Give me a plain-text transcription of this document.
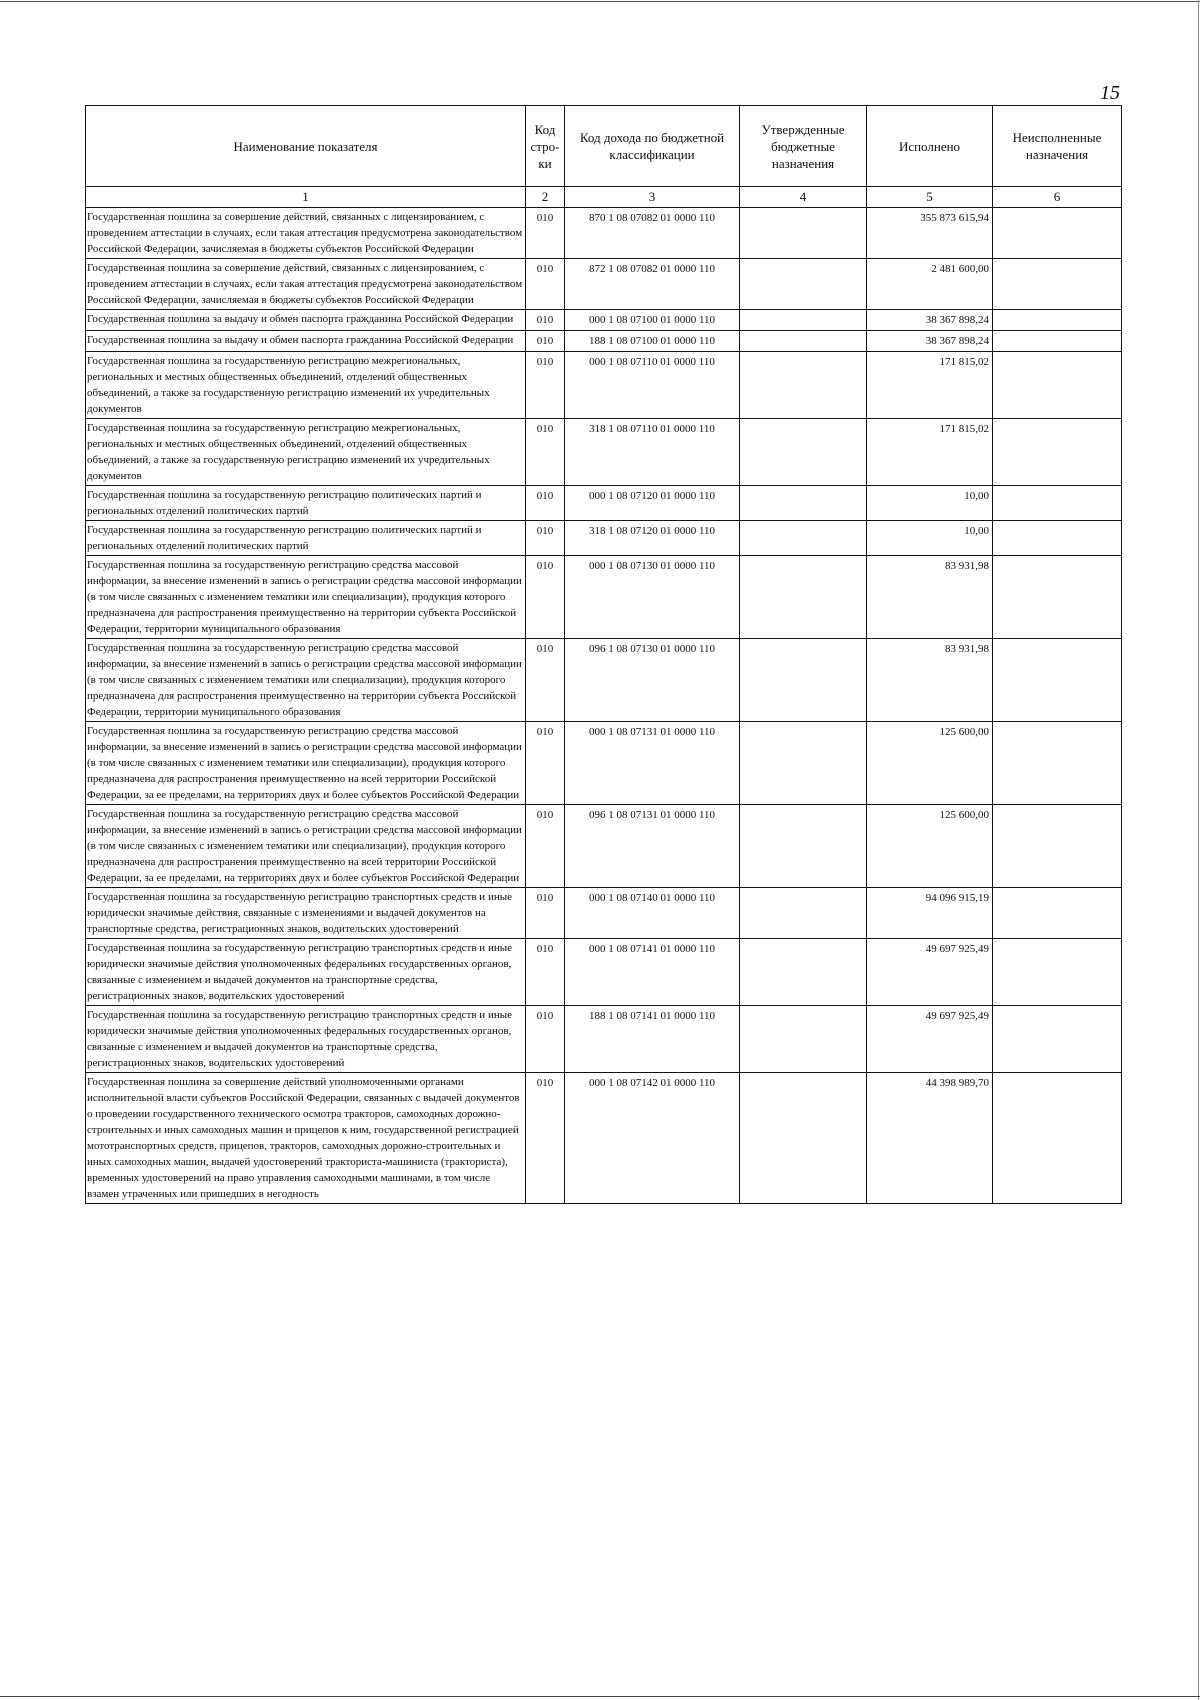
15
Наименование показателя	Код стро-ки	Код дохода по бюджетной классификации	Утвержденные бюджетные назначения	Исполнено	Неисполненные назначения
1	2	3	4	5	6
Государственная пошлина за совершение действий, связанных с лицензированием, с проведением аттестации в случаях, если такая аттестация предусмотрена законодательством Российской Федерации, зачисляемая в бюджеты субъектов Российской Федерации	010	870 1 08 07082 01 0000 110		355 873 615,94	
Государственная пошлина за совершение действий, связанных с лицензированием, с проведением аттестации в случаях, если такая аттестация предусмотрена законодательством Российской Федерации, зачисляемая в бюджеты субъектов Российской Федерации	010	872 1 08 07082 01 0000 110		2 481 600,00	
Государственная пошлина за выдачу и обмен паспорта гражданина Российской Федерации	010	000 1 08 07100 01 0000 110		38 367 898,24	
Государственная пошлина за выдачу и обмен паспорта гражданина Российской Федерации	010	188 1 08 07100 01 0000 110		38 367 898,24	
Государственная пошлина за государственную регистрацию межрегиональных, региональных и местных общественных объединений, отделений общественных объединений, а также за государственную регистрацию изменений их учредительных документов	010	000 1 08 07110 01 0000 110		171 815,02	
Государственная пошлина за государственную регистрацию межрегиональных, региональных и местных общественных объединений, отделений общественных объединений, а также за государственную регистрацию изменений их учредительных документов	010	318 1 08 07110 01 0000 110		171 815,02	
Государственная пошлина за государственную регистрацию политических партий и региональных отделений политических партий	010	000 1 08 07120 01 0000 110		10,00	
Государственная пошлина за государственную регистрацию политических партий и региональных отделений политических партий	010	318 1 08 07120 01 0000 110		10,00	
Государственная пошлина за государственную регистрацию средства массовой информации, за внесение изменений в запись о регистрации средства массовой информации (в том числе связанных с изменением тематики или специализации), продукция которого предназначена для распространения преимущественно на территории субъекта Российской Федерации, территории муниципального образования	010	000 1 08 07130 01 0000 110		83 931,98	
Государственная пошлина за государственную регистрацию средства массовой информации, за внесение изменений в запись о регистрации средства массовой информации (в том числе связанных с изменением тематики или специализации), продукция которого предназначена для распространения преимущественно на территории субъекта Российской Федерации, территории муниципального образования	010	096 1 08 07130 01 0000 110		83 931,98	
Государственная пошлина за государственную регистрацию средства массовой информации, за внесение изменений в запись о регистрации средства массовой информации (в том числе связанных с изменением тематики или специализации), продукция которого предназначена для распространения преимущественно на всей территории Российской Федерации, за ее пределами, на территориях двух и более субъектов Российской Федерации	010	000 1 08 07131 01 0000 110		125 600,00	
Государственная пошлина за государственную регистрацию средства массовой информации, за внесение изменений в запись о регистрации средства массовой информации (в том числе связанных с изменением тематики или специализации), продукция которого предназначена для распространения преимущественно на всей территории Российской Федерации, за ее пределами, на территориях двух и более субъектов Российской Федерации	010	096 1 08 07131 01 0000 110		125 600,00	
Государственная пошлина за государственную регистрацию транспортных средств и иные юридически значимые действия, связанные с изменениями и выдачей документов на транспортные средства, регистрационных знаков, водительских удостоверений	010	000 1 08 07140 01 0000 110		94 096 915,19	
Государственная пошлина за государственную регистрацию транспортных средств и иные юридически значимые действия уполномоченных федеральных государственных органов, связанные с изменением и выдачей документов на транспортные средства, регистрационных знаков, водительских удостоверений	010	000 1 08 07141 01 0000 110		49 697 925,49	
Государственная пошлина за государственную регистрацию транспортных средств и иные юридически значимые действия уполномоченных федеральных государственных органов, связанные с изменением и выдачей документов на транспортные средства, регистрационных знаков, водительских удостоверений	010	188 1 08 07141 01 0000 110		49 697 925,49	
Государственная пошлина за совершение действий уполномоченными органами исполнительной власти субъектов Российской Федерации, связанных с выдачей документов о проведении государственного технического осмотра тракторов, самоходных дорожно-строительных и иных самоходных машин и прицепов к ним, государственной регистрацией мототранспортных средств, прицепов, тракторов, самоходных дорожно-строительных и иных самоходных машин, выдачей удостоверений тракториста-машиниста (тракториста), временных удостоверений на право управления самоходными машинами, в том числе взамен утраченных или пришедших в негодность	010	000 1 08 07142 01 0000 110		44 398 989,70	
